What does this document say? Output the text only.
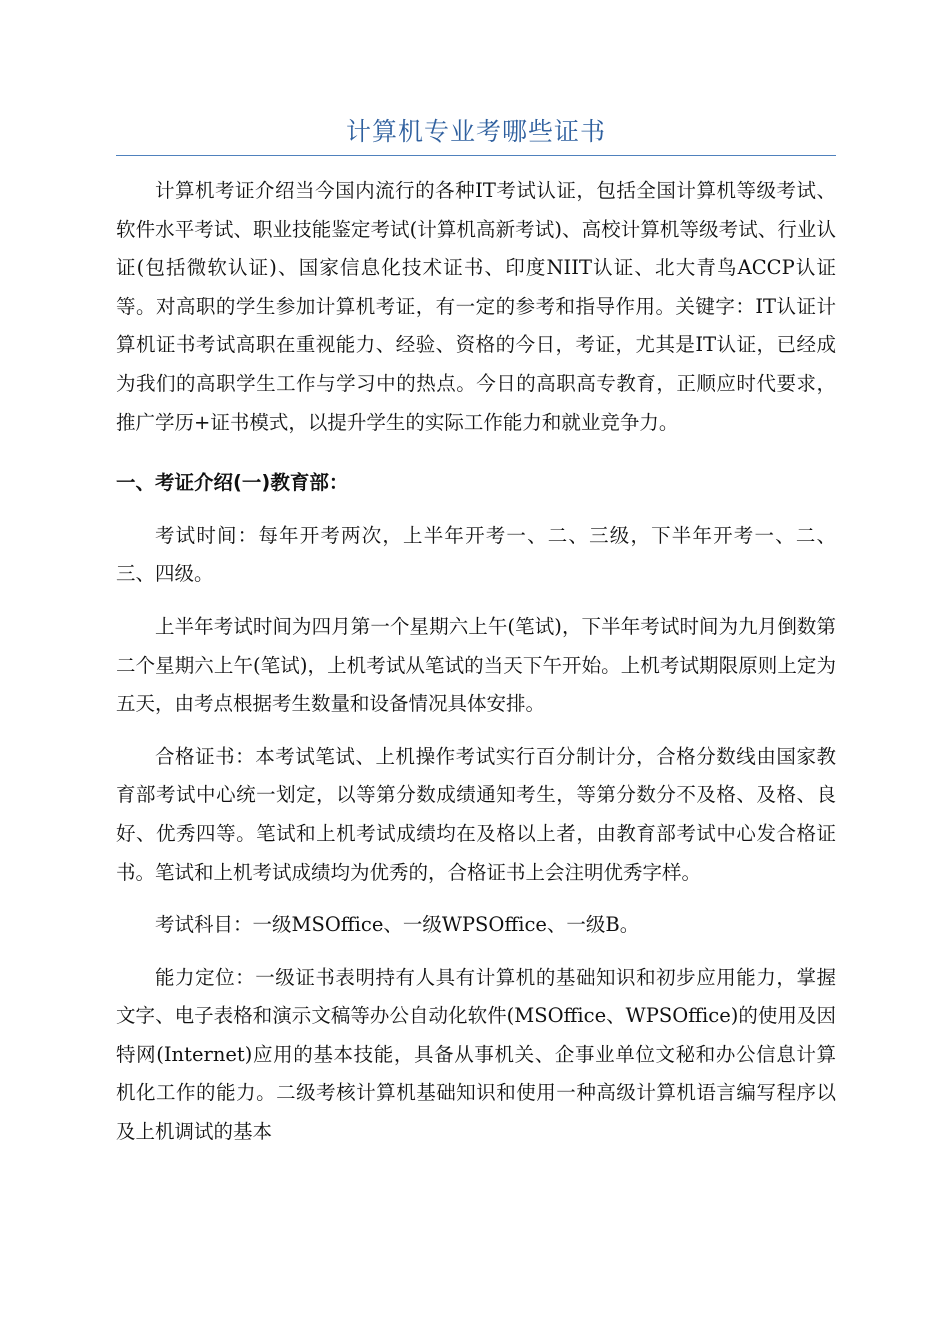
计算机专业考哪些证书

计算机考证介绍当今国内流行的各种IT考试认证，包括全国计算机等级考试、软件水平考试、职业技能鉴定考试(计算机高新考试)、高校计算机等级考试、行业认证(包括微软认证)、国家信息化技术证书、印度NIIT认证、北大青鸟ACCP认证等。对高职的学生参加计算机考证，有一定的参考和指导作用。关键字：IT认证计算机证书考试高职在重视能力、经验、资格的今日，考证，尤其是IT认证，已经成为我们的高职学生工作与学习中的热点。今日的高职高专教育，正顺应时代要求，推广学历+证书模式，以提升学生的实际工作能力和就业竞争力。

一、考证介绍(一)教育部：

考试时间：每年开考两次，上半年开考一、二、三级，下半年开考一、二、三、四级。

上半年考试时间为四月第一个星期六上午(笔试)，下半年考试时间为九月倒数第二个星期六上午(笔试)，上机考试从笔试的当天下午开始。上机考试期限原则上定为五天，由考点根据考生数量和设备情况具体安排。

合格证书：本考试笔试、上机操作考试实行百分制计分，合格分数线由国家教育部考试中心统一划定，以等第分数成绩通知考生，等第分数分不及格、及格、良好、优秀四等。笔试和上机考试成绩均在及格以上者，由教育部考试中心发合格证书。笔试和上机考试成绩均为优秀的，合格证书上会注明优秀字样。

考试科目：一级MSOffice、一级WPSOffice、一级B。

能力定位：一级证书表明持有人具有计算机的基础知识和初步应用能力，掌握文字、电子表格和演示文稿等办公自动化软件(MSOffice、WPSOffice)的使用及因特网(Internet)应用的基本技能，具备从事机关、企事业单位文秘和办公信息计算机化工作的能力。二级考核计算机基础知识和使用一种高级计算机语言编写程序以及上机调试的基本
